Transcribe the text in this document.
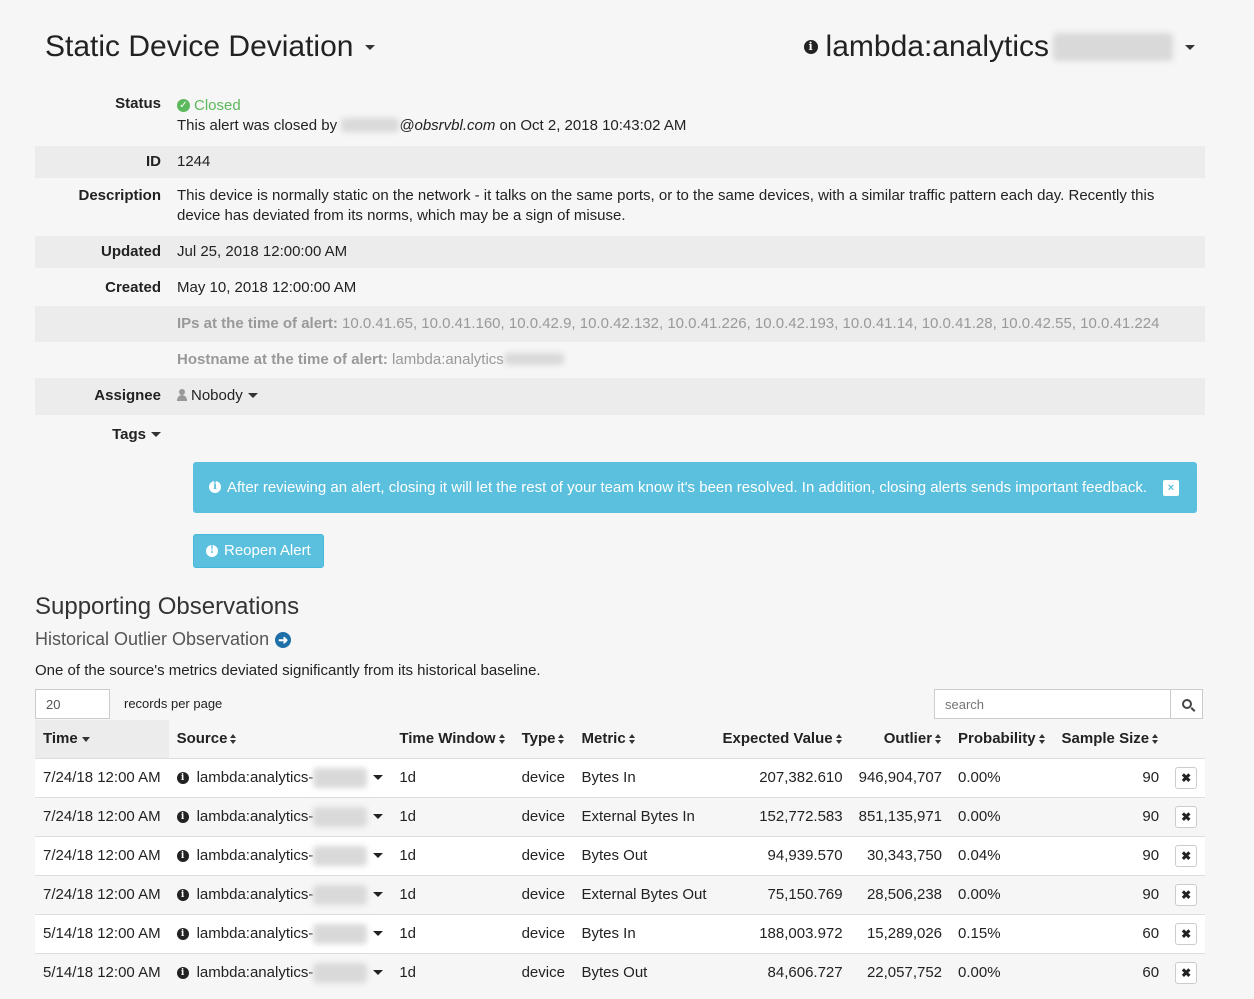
Static Device Deviation	i lambda:analytics
Status	✓ Closed
This alert was closed by	@obsrvbl.com on Oct 2, 2018 10:43:02 AM
ID	1244
Description	This device is normally static on the network - it talks on the same ports, or to the same devices, with a similar traffic pattern each day. Recently this device has deviated from its norms, which may be a sign of misuse.
Updated	Jul 25, 2018 12:00:00 AM
Created	May 10, 2018 12:00:00 AM
IPs at the time of alert: 10.0.41.65, 10.0.41.160, 10.0.42.9, 10.0.42.132, 10.0.41.226, 10.0.42.193, 10.0.41.14, 10.0.41.28, 10.0.42.55, 10.0.41.224
Hostname at the time of alert: lambda:analytics
Assignee	Nobody
Tags
i After reviewing an alert, closing it will let the rest of your team know it's been resolved. In addition, closing alerts sends important feedback.	×
! Reopen Alert
Supporting Observations
Historical Outlier Observation ➜

One of the source's metrics deviated significantly from its historical baseline.

20
records per page
search
Time	Source	Time Window	Type	Metric	Expected Value	Outlier	Probability	Sample Size	
7/24/18 12:00 AM	i lambda:analytics-	1d	device	Bytes In	207,382.610	946,904,707	0.00%	90	✖
7/24/18 12:00 AM	i lambda:analytics-	1d	device	External Bytes In	152,772.583	851,135,971	0.00%	90	✖
7/24/18 12:00 AM	i lambda:analytics-	1d	device	Bytes Out	94,939.570	30,343,750	0.04%	90	✖
7/24/18 12:00 AM	i lambda:analytics-	1d	device	External Bytes Out	75,150.769	28,506,238	0.00%	90	✖
5/14/18 12:00 AM	i lambda:analytics-	1d	device	Bytes In	188,003.972	15,289,026	0.15%	60	✖
5/14/18 12:00 AM	i lambda:analytics-	1d	device	Bytes Out	84,606.727	22,057,752	0.00%	60	✖
